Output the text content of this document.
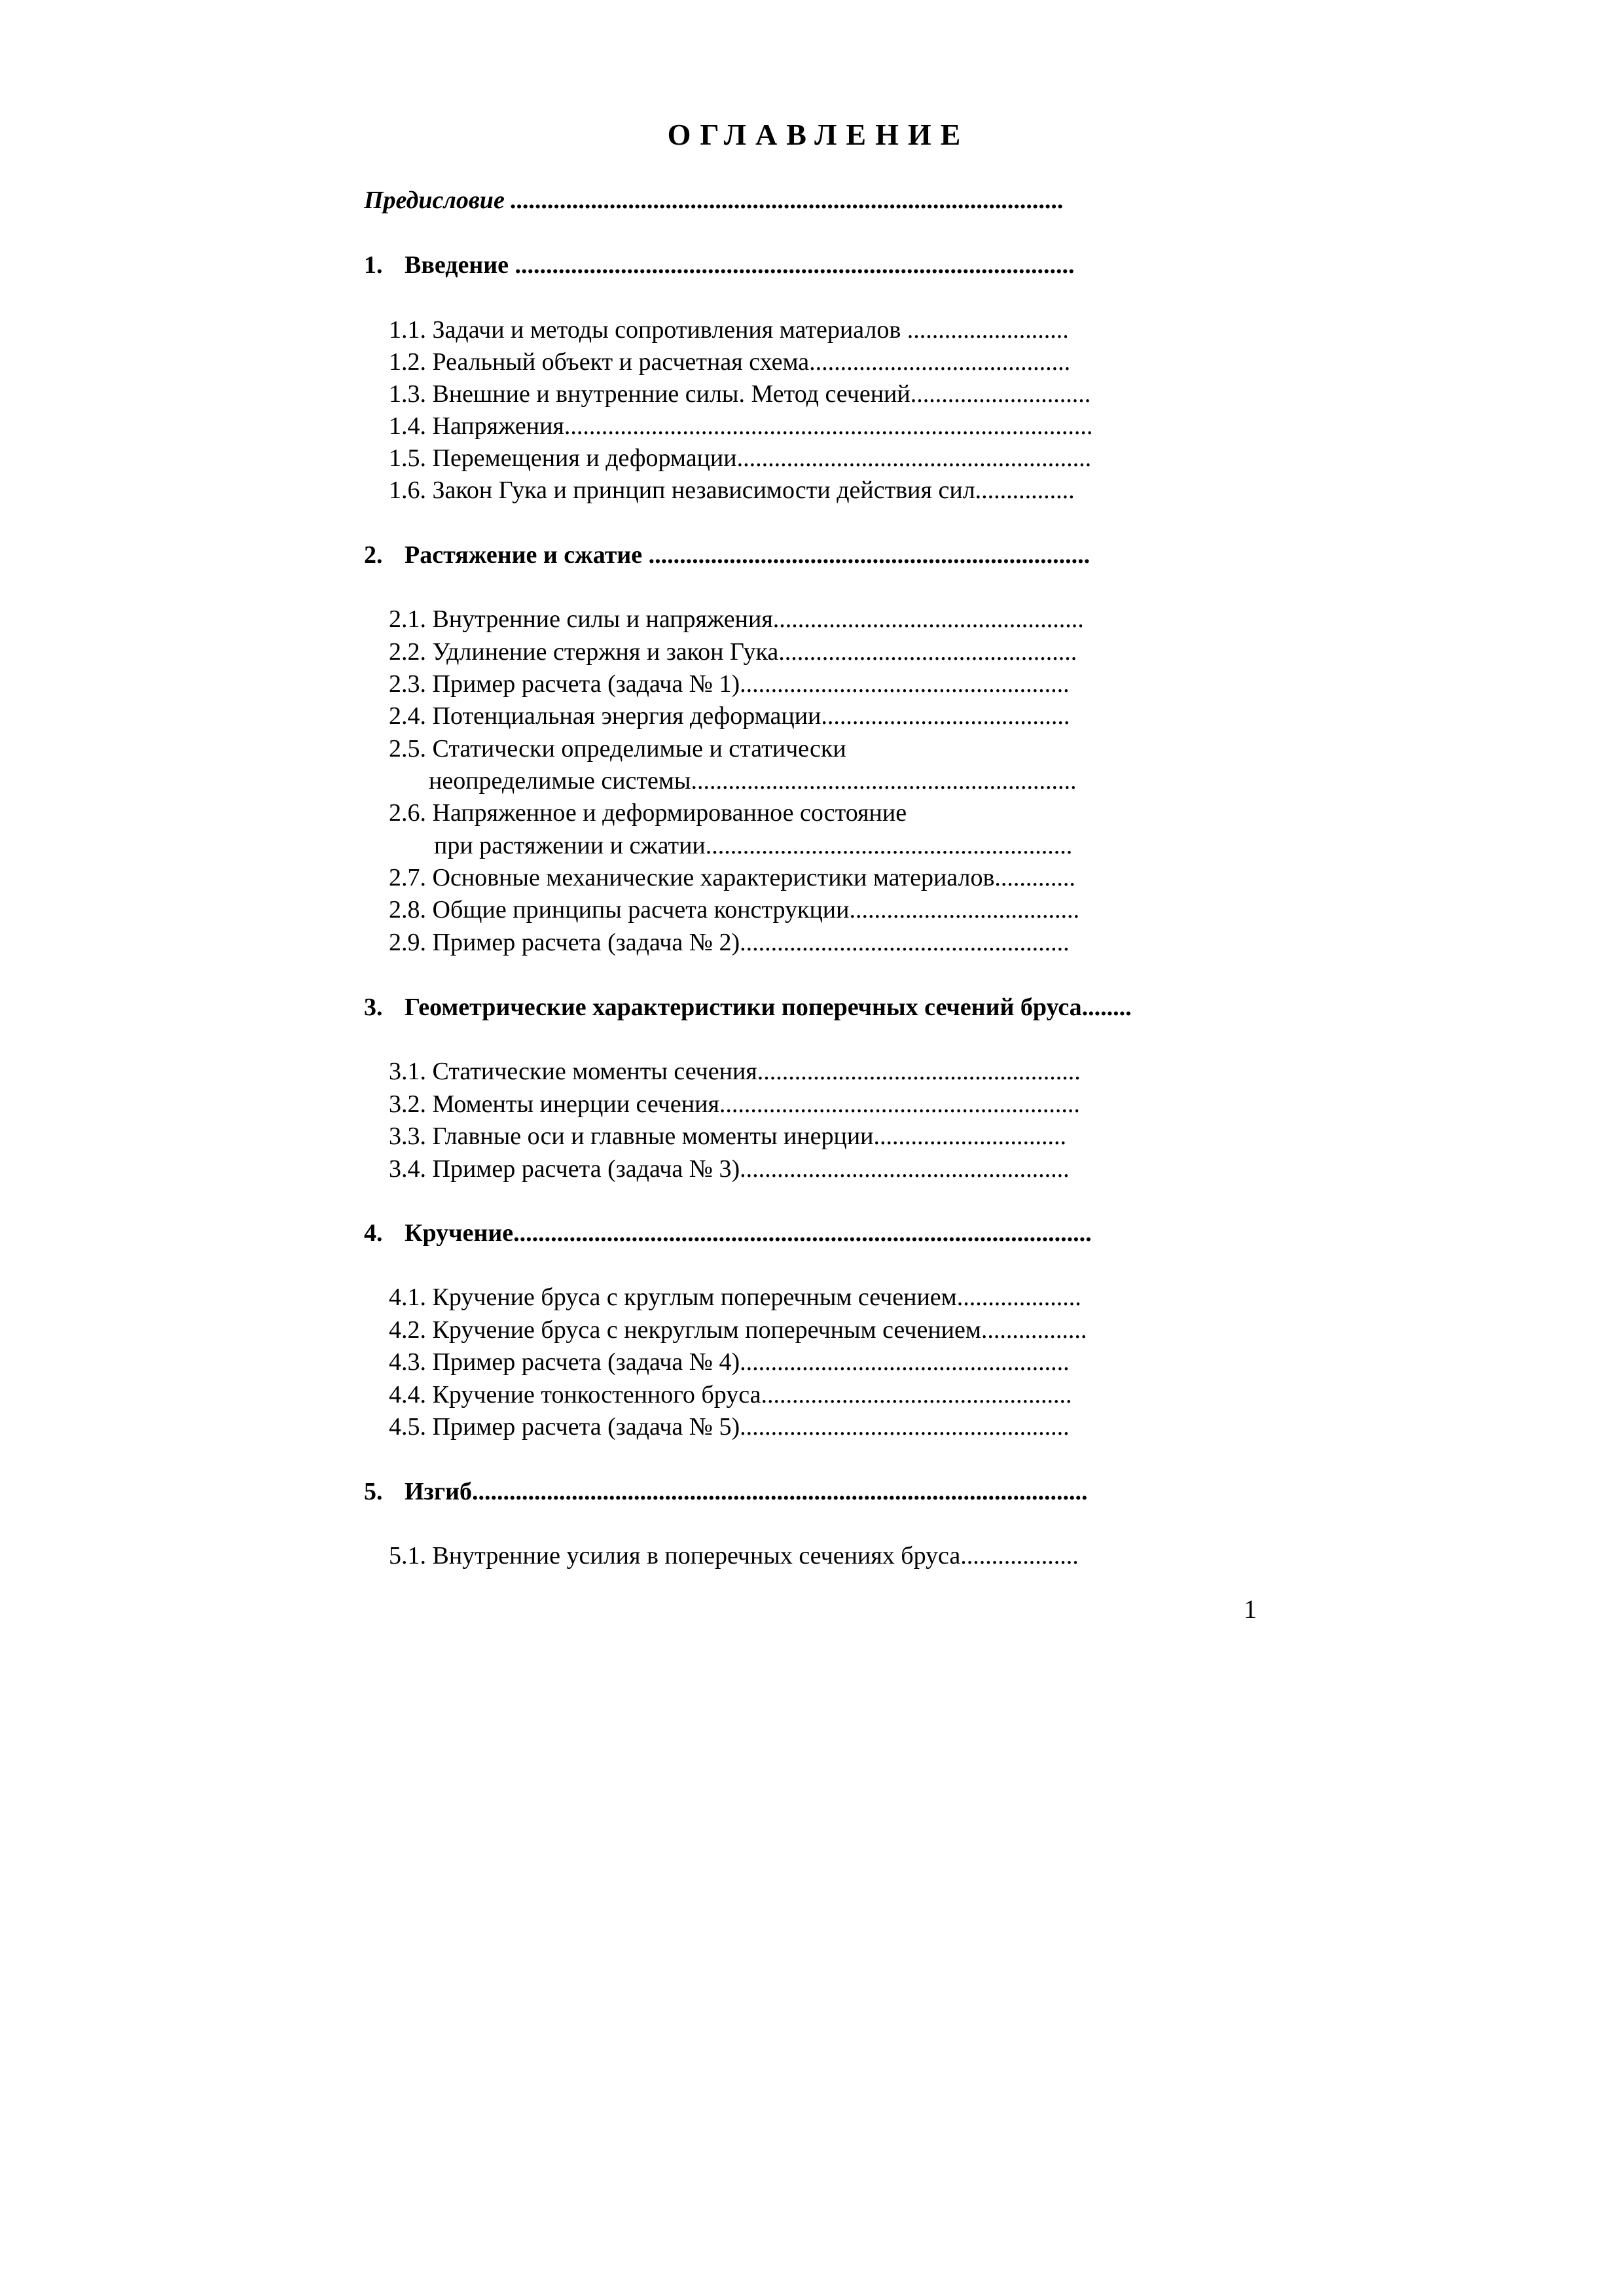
ОГЛАВЛЕНИЕ
Предисловие .........................................................................................
1. Введение ..........................................................................................
1.1. Задачи и методы сопротивления материалов ..........................
1.2. Реальный объект и расчетная схема..........................................
1.3. Внешние и внутренние силы. Метод сечений.............................
1.4. Напряжения.....................................................................................
1.5. Перемещения и деформации.........................................................
1.6. Закон Гука и принцип независимости действия сил................
2. Растяжение и сжатие .......................................................................
2.1. Внутренние силы и напряжения..................................................
2.2. Удлинение стержня и закон Гука................................................
2.3. Пример расчета (задача № 1).....................................................
2.4. Потенциальная энергия деформации........................................
2.5. Статически определимые и статически
неопределимые системы..............................................................
2.6. Напряженное и деформированное состояние
при растяжении и сжатии...........................................................
2.7. Основные механические характеристики материалов.............
2.8. Общие принципы расчета конструкции.....................................
2.9. Пример расчета (задача № 2).....................................................
3. Геометрические характеристики поперечных сечений бруса........
3.1. Статические моменты сечения....................................................
3.2. Моменты инерции сечения..........................................................
3.3. Главные оси и главные моменты инерции...............................
3.4. Пример расчета (задача № 3).....................................................
4. Кручение.............................................................................................
4.1. Кручение бруса с круглым поперечным сечением....................
4.2. Кручение бруса с некруглым поперечным сечением.................
4.3. Пример расчета (задача № 4).....................................................
4.4. Кручение тонкостенного бруса..................................................
4.5. Пример расчета (задача № 5).....................................................
5. Изгиб...................................................................................................
5.1. Внутренние усилия в поперечных сечениях бруса...................
1
